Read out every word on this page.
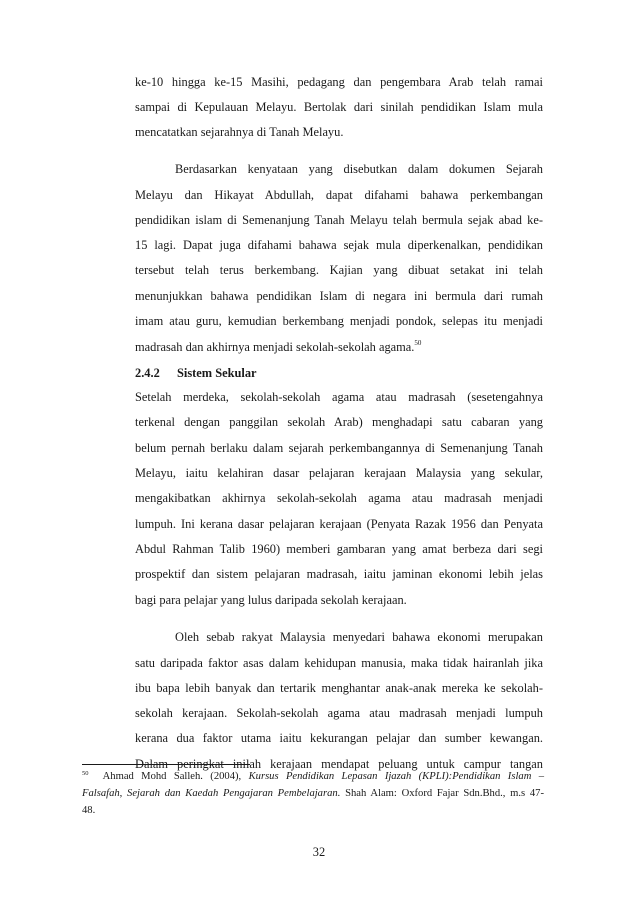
ke-10 hingga ke-15 Masihi, pedagang dan pengembara Arab telah ramai
sampai di Kepulauan Melayu. Bertolak dari sinilah pendidikan Islam mula
mencatatkan sejarahnya di Tanah Melayu.
Berdasarkan kenyataan yang disebutkan dalam dokumen Sejarah
Melayu dan Hikayat Abdullah, dapat difahami bahawa perkembangan
pendidikan islam di Semenanjung Tanah Melayu telah bermula sejak abad ke-
15 lagi. Dapat juga difahami bahawa sejak mula diperkenalkan, pendidikan
tersebut telah terus berkembang. Kajian yang dibuat setakat ini telah
menunjukkan bahawa pendidikan Islam di negara ini bermula dari rumah
imam atau guru, kemudian berkembang menjadi pondok, selepas itu menjadi
madrasah dan akhirnya menjadi sekolah-sekolah agama.$^{50}$
2.4.2 Sistem Sekular
Setelah merdeka, sekolah-sekolah agama atau madrasah (sesetengahnya
terkenal dengan panggilan sekolah Arab) menghadapi satu cabaran yang
belum pernah berlaku dalam sejarah perkembangannya di Semenanjung Tanah
Melayu, iaitu kelahiran dasar pelajaran kerajaan Malaysia yang sekular,
mengakibatkan akhirnya sekolah-sekolah agama atau madrasah menjadi
lumpuh. Ini kerana dasar pelajaran kerajaan (Penyata Razak 1956 dan Penyata
Abdul Rahman Talib 1960) memberi gambaran yang amat berbeza dari segi
prospektif dan sistem pelajaran madrasah, iaitu jaminan ekonomi lebih jelas
bagi para pelajar yang lulus daripada sekolah kerajaan.
Oleh sebab rakyat Malaysia menyedari bahawa ekonomi merupakan
satu daripada faktor asas dalam kehidupan manusia, maka tidak hairanlah jika
ibu bapa lebih banyak dan tertarik menghantar anak-anak mereka ke sekolah-
sekolah kerajaan. Sekolah-sekolah agama atau madrasah menjadi lumpuh
kerana dua faktor utama iaitu kekurangan pelajar dan sumber kewangan.
Dalam peringkat inilah kerajaan mendapat peluang untuk campur tangan
$^{50}$ Ahmad Mohd Salleh. (2004), Kursus Pendidikan Lepasan Ijazah (KPLI):Pendidikan Islam –
Falsafah, Sejarah dan Kaedah Pengajaran Pembelajaran. Shah Alam: Oxford Fajar Sdn.Bhd., m.s 47-
48.
32
